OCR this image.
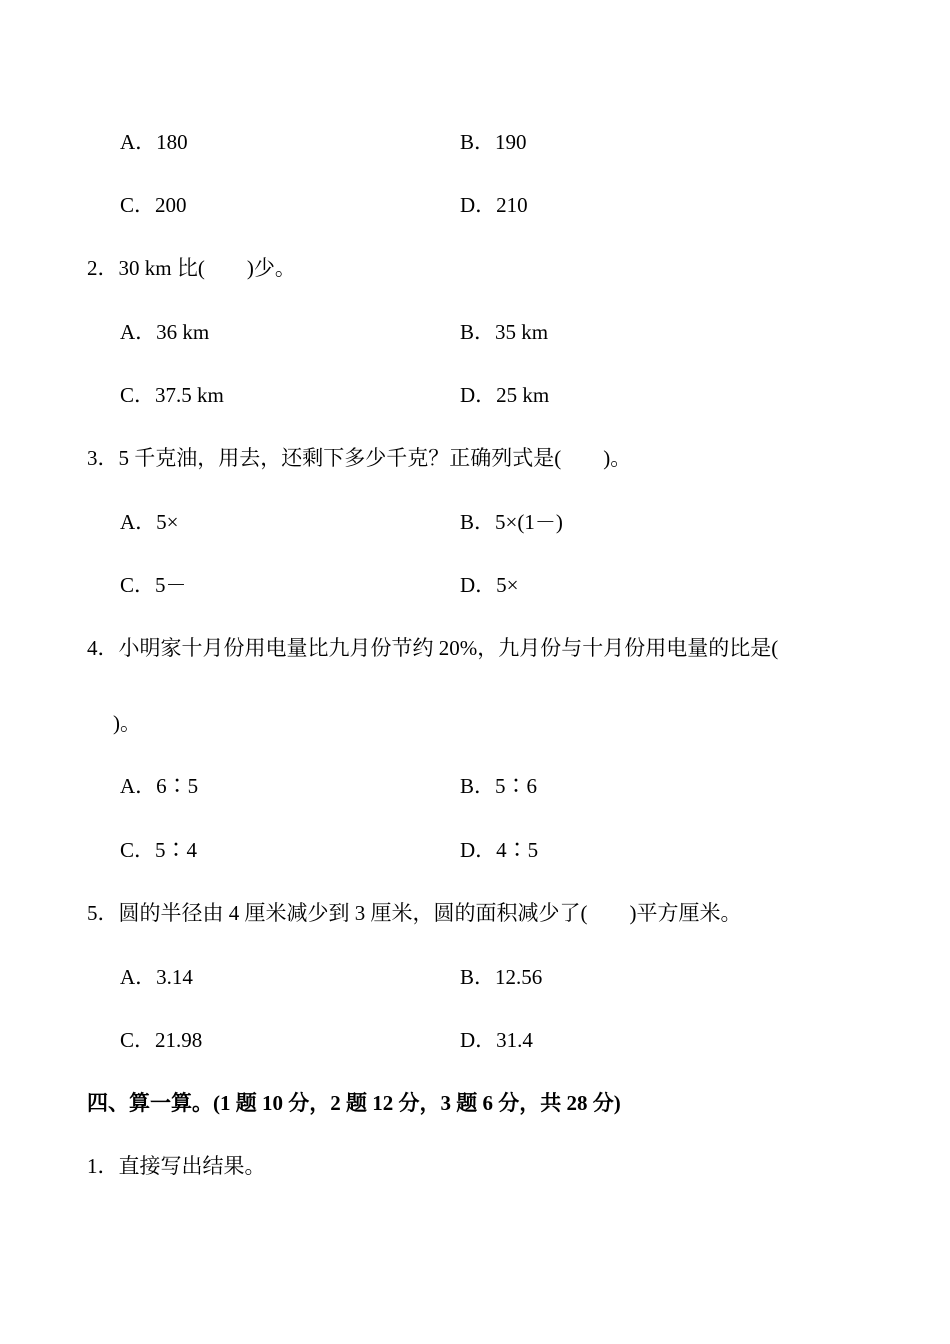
A．180	B．190
C．200	D．210
2．30 km 比(　　)少。
A．36 km	B．35 km
C．37.5 km	D．25 km
3．5 千克油，用去，还剩下多少千克？正确列式是(　　)。
A．5×	B．5×(1－)
C．5－	D．5×
4．小明家十月份用电量比九月份节约 20%，九月份与十月份用电量的比是(
)。
A．6∶5	B．5∶6
C．5∶4	D．4∶5
5．圆的半径由 4 厘米减少到 3 厘米，圆的面积减少了(　　)平方厘米。
A．3.14	B．12.56
C．21.98	D．31.4
四、算一算。(1 题 10 分，2 题 12 分，3 题 6 分，共 28 分)
1．直接写出结果。
